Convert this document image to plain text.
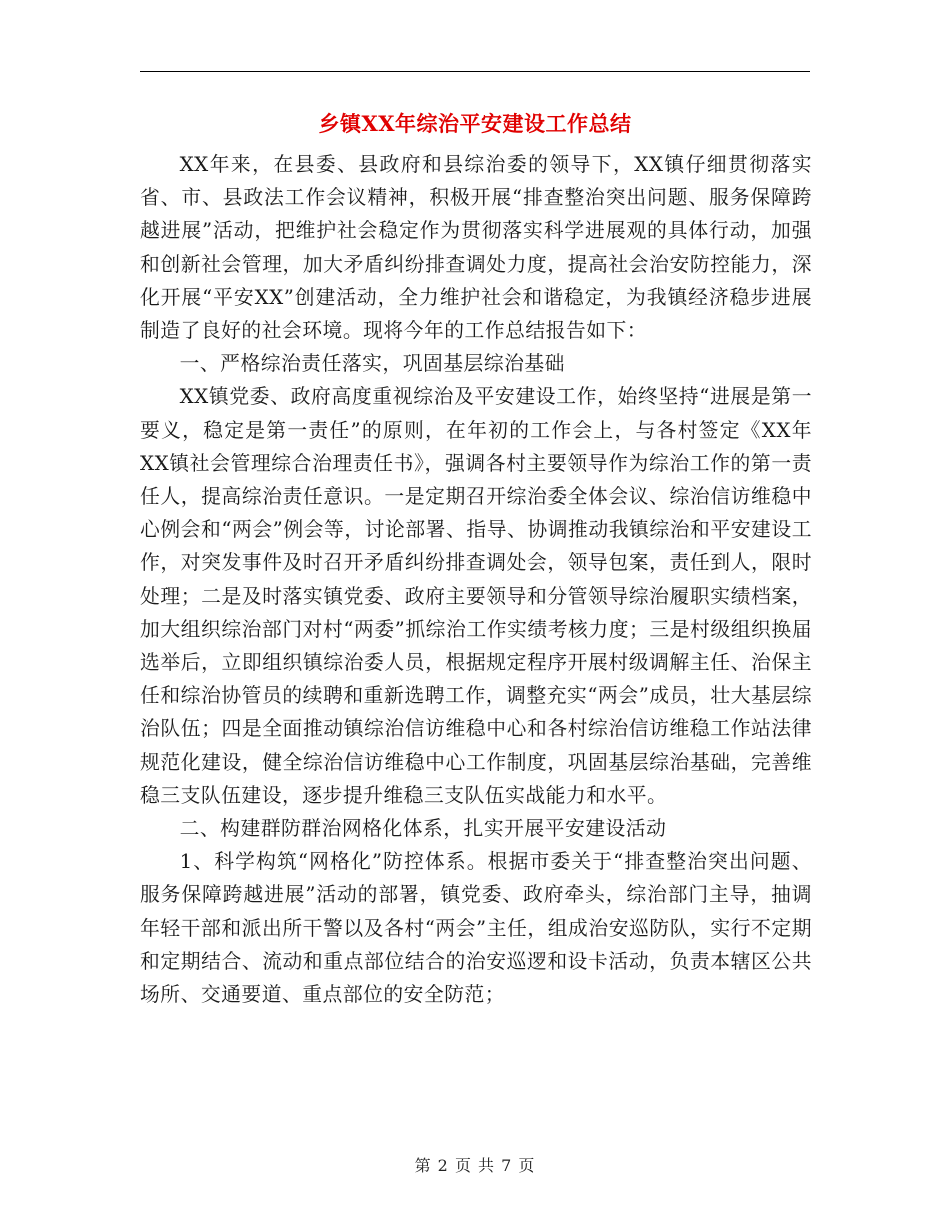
乡镇XX年综治平安建设工作总结

XX年来，在县委、县政府和县综治委的领导下，XX镇仔细贯彻落实省、市、县政法工作会议精神，积极开展“排查整治突出问题、服务保障跨越进展”活动，把维护社会稳定作为贯彻落实科学进展观的具体行动，加强和创新社会管理，加大矛盾纠纷排查调处力度，提高社会治安防控能力，深化开展“平安XX”创建活动，全力维护社会和谐稳定，为我镇经济稳步进展制造了良好的社会环境。现将今年的工作总结报告如下：

一、严格综治责任落实，巩固基层综治基础

XX镇党委、政府高度重视综治及平安建设工作，始终坚持“进展是第一要义，稳定是第一责任”的原则，在年初的工作会上，与各村签定《XX年XX镇社会管理综合治理责任书》，强调各村主要领导作为综治工作的第一责任人，提高综治责任意识。一是定期召开综治委全体会议、综治信访维稳中心例会和“两会”例会等，讨论部署、指导、协调推动我镇综治和平安建设工作，对突发事件及时召开矛盾纠纷排查调处会，领导包案，责任到人，限时处理；二是及时落实镇党委、政府主要领导和分管领导综治履职实绩档案，加大组织综治部门对村“两委”抓综治工作实绩考核力度；三是村级组织换届选举后，立即组织镇综治委人员，根据规定程序开展村级调解主任、治保主任和综治协管员的续聘和重新选聘工作，调整充实“两会”成员，壮大基层综治队伍；四是全面推动镇综治信访维稳中心和各村综治信访维稳工作站法律规范化建设，健全综治信访维稳中心工作制度，巩固基层综治基础，完善维稳三支队伍建设，逐步提升维稳三支队伍实战能力和水平。

二、构建群防群治网格化体系，扎实开展平安建设活动

1、科学构筑“网格化”防控体系。根据市委关于“排查整治突出问题、服务保障跨越进展”活动的部署，镇党委、政府牵头，综治部门主导，抽调年轻干部和派出所干警以及各村“两会”主任，组成治安巡防队，实行不定期和定期结合、流动和重点部位结合的治安巡逻和设卡活动，负责本辖区公共场所、交通要道、重点部位的安全防范；

第 2 页 共 7 页
